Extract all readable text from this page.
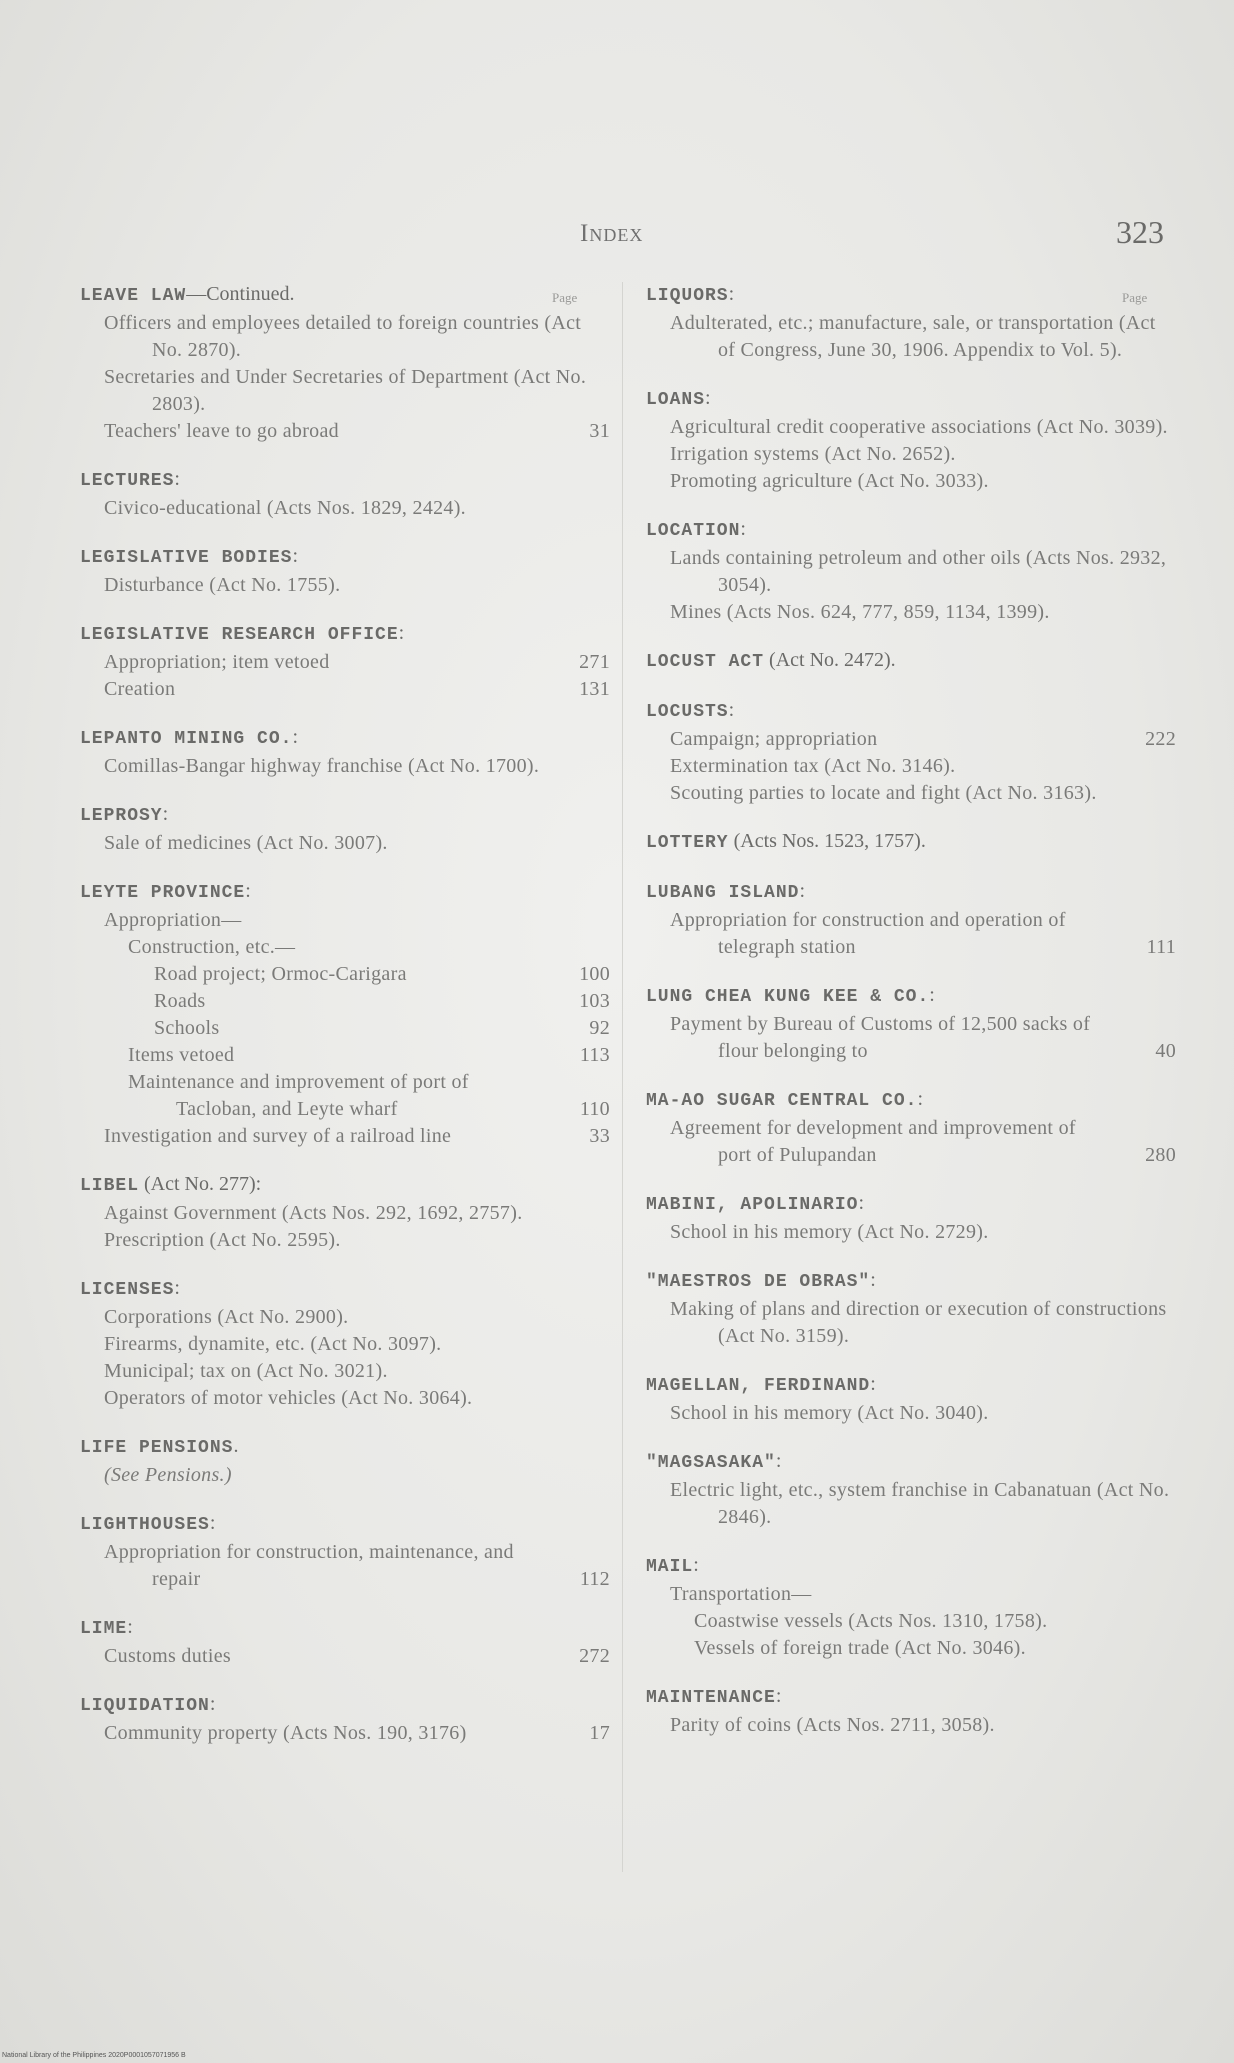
Index	323
Page	Page
LEAVE LAW—Continued.
Officers and employees detailed to foreign countries (Act No. 2870).
Secretaries and Under Secretaries of Department (Act No. 2803).
Teachers' leave to go abroad	31
LECTURES:
Civico-educational (Acts Nos. 1829, 2424).
LEGISLATIVE BODIES:
Disturbance (Act No. 1755).
LEGISLATIVE RESEARCH OFFICE:
Appropriation; item vetoed	271
Creation	131
LEPANTO MINING CO.:
Comillas-Bangar highway franchise (Act No. 1700).
LEPROSY:
Sale of medicines (Act No. 3007).
LEYTE PROVINCE:
Appropriation—
Construction, etc.—
Road project; Ormoc-Carigara	100
Roads	103
Schools	92
Items vetoed	113
Maintenance and improvement of port of Tacloban, and Leyte wharf	110
Investigation and survey of a railroad line	33
LIBEL (Act No. 277):
Against Government (Acts Nos. 292, 1692, 2757).
Prescription (Act No. 2595).
LICENSES:
Corporations (Act No. 2900).
Firearms, dynamite, etc. (Act No. 3097).
Municipal; tax on (Act No. 3021).
Operators of motor vehicles (Act No. 3064).
LIFE PENSIONS.
(See Pensions.)
LIGHTHOUSES:
Appropriation for construction, maintenance, and repair	112
LIME:
Customs duties	272
LIQUIDATION:
Community property (Acts Nos. 190, 3176)	17
LIQUORS:
Adulterated, etc.; manufacture, sale, or transportation (Act of Congress, June 30, 1906. Appendix to Vol. 5).
LOANS:
Agricultural credit cooperative associations (Act No. 3039).
Irrigation systems (Act No. 2652).
Promoting agriculture (Act No. 3033).
LOCATION:
Lands containing petroleum and other oils (Acts Nos. 2932, 3054).
Mines (Acts Nos. 624, 777, 859, 1134, 1399).
LOCUST ACT (Act No. 2472).
LOCUSTS:
Campaign; appropriation	222
Extermination tax (Act No. 3146).
Scouting parties to locate and fight (Act No. 3163).
LOTTERY (Acts Nos. 1523, 1757).
LUBANG ISLAND:
Appropriation for construction and operation of telegraph station	111
LUNG CHEA KUNG KEE & CO.:
Payment by Bureau of Customs of 12,500 sacks of flour belonging to	40
MA-AO SUGAR CENTRAL CO.:
Agreement for development and improvement of port of Pulupandan	280
MABINI, APOLINARIO:
School in his memory (Act No. 2729).
"MAESTROS DE OBRAS":
Making of plans and direction or execution of constructions (Act No. 3159).
MAGELLAN, FERDINAND:
School in his memory (Act No. 3040).
"MAGSASAKA":
Electric light, etc., system franchise in Cabanatuan (Act No. 2846).
MAIL:
Transportation—
Coastwise vessels (Acts Nos. 1310, 1758).
Vessels of foreign trade (Act No. 3046).
MAINTENANCE:
Parity of coins (Acts Nos. 2711, 3058).
National Library of the Philippines 2020P0001057071956 B
